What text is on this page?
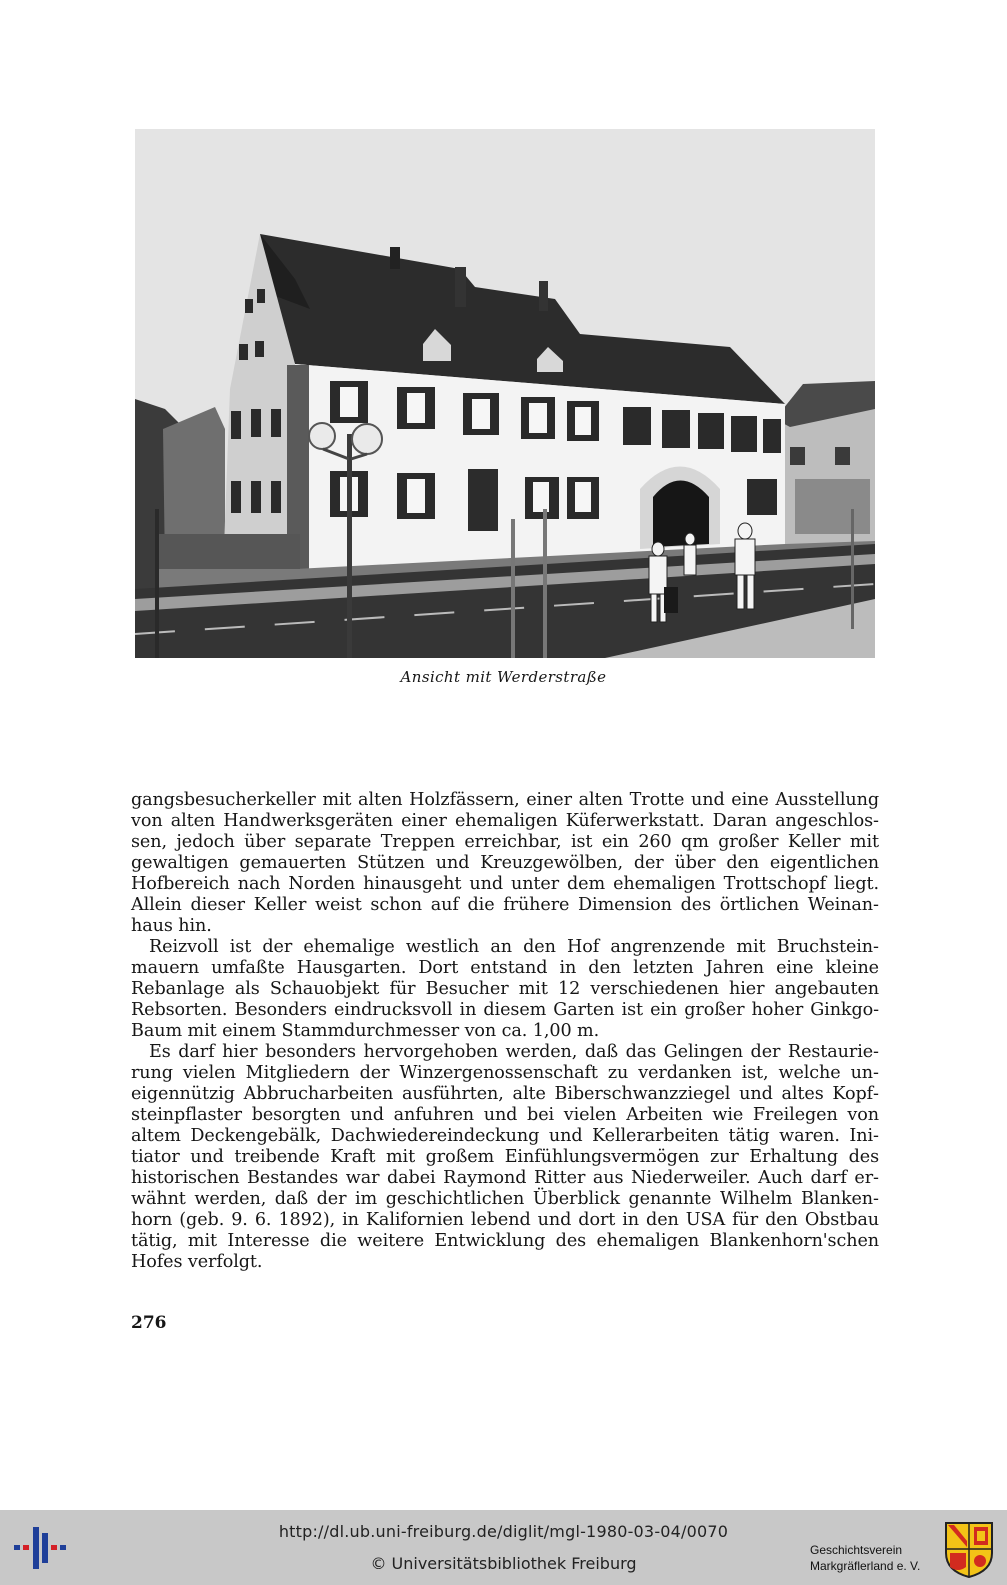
Ansicht mit Werderstraße

gangsbesucherkeller mit alten Holzfässern, einer alten Trotte und eine Ausstellung von alten Handwerksgeräten einer ehemaligen Küferwerkstatt. Daran angeschlossen, jedoch über separate Treppen erreichbar, ist ein 260 qm großer Keller mit gewaltigen gemauerten Stützen und Kreuzgewölben, der über den eigentlichen Hofbereich nach Norden hinausgeht und unter dem ehemaligen Trottschopf liegt. Allein dieser Keller weist schon auf die frühere Dimension des örtlichen Weinanhaus hin.

Reizvoll ist der ehemalige westlich an den Hof angrenzende mit Bruchsteinmauern umfaßte Hausgarten. Dort entstand in den letzten Jahren eine kleine Rebanlage als Schauobjekt für Besucher mit 12 verschiedenen hier angebauten Rebsorten. Besonders eindrucksvoll in diesem Garten ist ein großer hoher Ginkgo-Baum mit einem Stammdurchmesser von ca. 1,00 m.

Es darf hier besonders hervorgehoben werden, daß das Gelingen der Restaurierung vielen Mitgliedern der Winzergenossenschaft zu verdanken ist, welche uneigennützig Abbrucharbeiten ausführten, alte Biberschwanzziegel und altes Kopfsteinpflaster besorgten und anfuhren und bei vielen Arbeiten wie Freilegen von altem Deckengebälk, Dachwiedereindeckung und Kellerarbeiten tätig waren. Initiator und treibende Kraft mit großem Einfühlungsvermögen zur Erhaltung des historischen Bestandes war dabei Raymond Ritter aus Niederweiler. Auch darf erwähnt werden, daß der im geschichtlichen Überblick genannte Wilhelm Blankenhorn (geb. 9. 6. 1892), in Kalifornien lebend und dort in den USA für den Obstbau tätig, mit Interesse die weitere Entwicklung des ehemaligen Blankenhorn'schen Hofes verfolgt.

276
http://dl.ub.uni-freiburg.de/diglit/mgl-1980-03-04/0070
© Universitätsbibliothek Freiburg
Geschichtsverein
Markgräflerland e. V.
